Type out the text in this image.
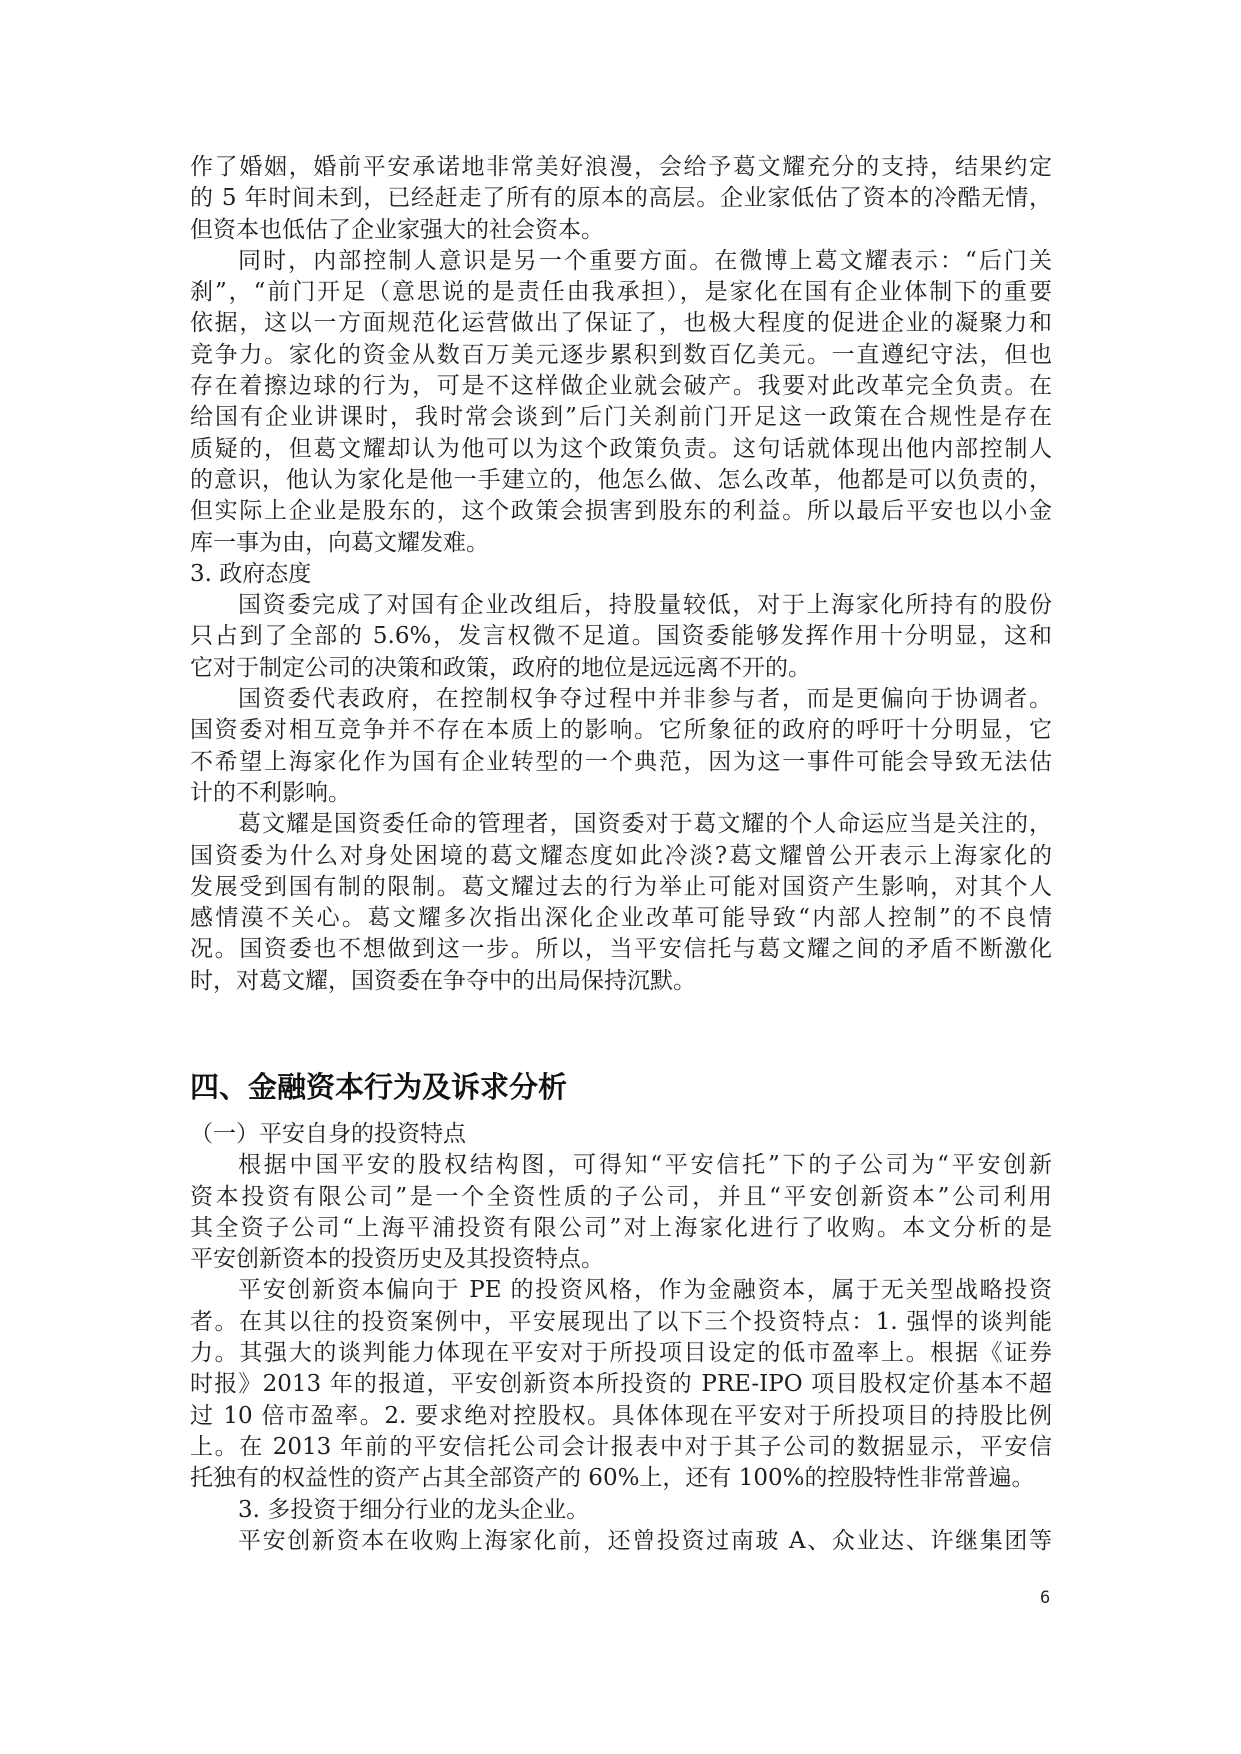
作了婚姻，婚前平安承诺地非常美好浪漫，会给予葛文耀充分的支持，结果约定
的 5 年时间未到，已经赶走了所有的原本的高层。企业家低估了资本的冷酷无情，
但资本也低估了企业家强大的社会资本。
同时，内部控制人意识是另一个重要方面。在微博上葛文耀表示：“后门关
刹”，“前门开足（意思说的是责任由我承担），是家化在国有企业体制下的重要
依据，这以一方面规范化运营做出了保证了，也极大程度的促进企业的凝聚力和
竞争力。家化的资金从数百万美元逐步累积到数百亿美元。一直遵纪守法，但也
存在着擦边球的行为，可是不这样做企业就会破产。我要对此改革完全负责。在
给国有企业讲课时，我时常会谈到”后门关刹前门开足这一政策在合规性是存在
质疑的，但葛文耀却认为他可以为这个政策负责。这句话就体现出他内部控制人
的意识，他认为家化是他一手建立的，他怎么做、怎么改革，他都是可以负责的，
但实际上企业是股东的，这个政策会损害到股东的利益。所以最后平安也以小金
库一事为由，向葛文耀发难。
3. 政府态度
国资委完成了对国有企业改组后，持股量较低，对于上海家化所持有的股份
只占到了全部的 5.6%，发言权微不足道。国资委能够发挥作用十分明显，这和
它对于制定公司的决策和政策，政府的地位是远远离不开的。
国资委代表政府，在控制权争夺过程中并非参与者，而是更偏向于协调者。
国资委对相互竞争并不存在本质上的影响。它所象征的政府的呼吁十分明显，它
不希望上海家化作为国有企业转型的一个典范，因为这一事件可能会导致无法估
计的不利影响。
葛文耀是国资委任命的管理者，国资委对于葛文耀的个人命运应当是关注的，
国资委为什么对身处困境的葛文耀态度如此冷淡?葛文耀曾公开表示上海家化的
发展受到国有制的限制。葛文耀过去的行为举止可能对国资产生影响，对其个人
感情漠不关心。葛文耀多次指出深化企业改革可能导致“内部人控制”的不良情
况。国资委也不想做到这一步。所以，当平安信托与葛文耀之间的矛盾不断激化
时，对葛文耀，国资委在争夺中的出局保持沉默。
四、金融资本行为及诉求分析
（一）平安自身的投资特点
根据中国平安的股权结构图，可得知“平安信托”下的子公司为“平安创新
资本投资有限公司”是一个全资性质的子公司，并且“平安创新资本”公司利用
其全资子公司“上海平浦投资有限公司”对上海家化进行了收购。本文分析的是
平安创新资本的投资历史及其投资特点。
平安创新资本偏向于 PE 的投资风格，作为金融资本，属于无关型战略投资
者。在其以往的投资案例中，平安展现出了以下三个投资特点：1. 强悍的谈判能
力。其强大的谈判能力体现在平安对于所投项目设定的低市盈率上。根据《证券
时报》2013 年的报道，平安创新资本所投资的 PRE-IPO 项目股权定价基本不超
过 10 倍市盈率。2. 要求绝对控股权。具体体现在平安对于所投项目的持股比例
上。在 2013 年前的平安信托公司会计报表中对于其子公司的数据显示，平安信
托独有的权益性的资产占其全部资产的 60%上，还有 100%的控股特性非常普遍。
3. 多投资于细分行业的龙头企业。
平安创新资本在收购上海家化前，还曾投资过南玻 A、众业达、许继集团等
6
